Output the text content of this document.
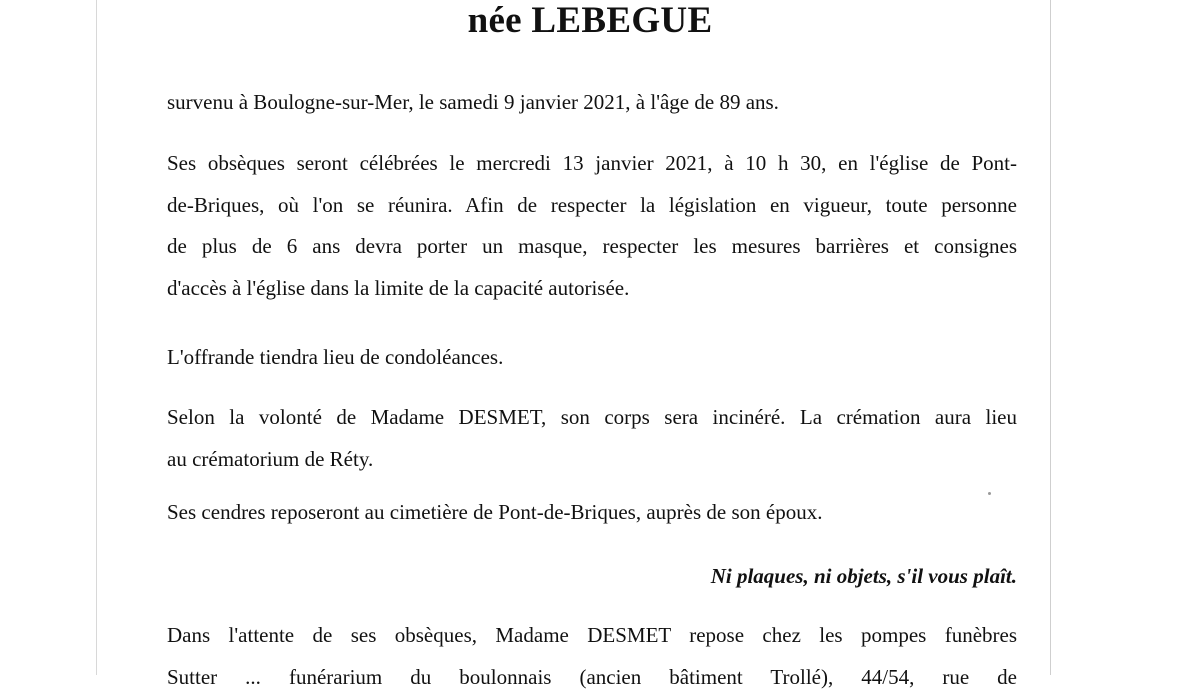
née LEBEGUE

survenu à Boulogne-sur-Mer, le samedi 9 janvier 2021, à l'âge de 89 ans.

Ses obsèques seront célébrées le mercredi 13 janvier 2021, à 10 h 30, en l'église de Pont-
de-Briques, où l'on se réunira. Afin de respecter la législation en vigueur, toute personne
de plus de 6 ans devra porter un masque, respecter les mesures barrières et consignes
d'accès à l'église dans la limite de la capacité autorisée.

L'offrande tiendra lieu de condoléances.

Selon la volonté de Madame DESMET, son corps sera incinéré. La crémation aura lieu
au crématorium de Réty.

Ses cendres reposeront au cimetière de Pont-de-Briques, auprès de son époux.

Ni plaques, ni objets, s'il vous plaît.

Dans l'attente de ses obsèques, Madame DESMET repose chez les pompes funèbres
Sutter ... funérarium du boulonnais (ancien bâtiment Trollé), 44/54, rue de
